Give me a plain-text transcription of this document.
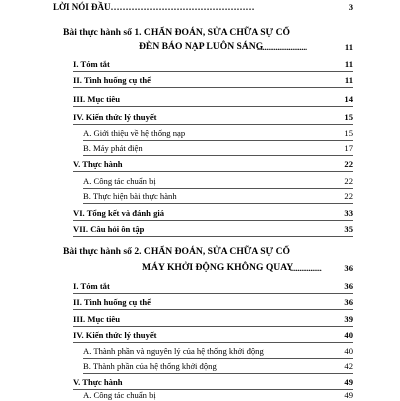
LỜI NÓI ĐẦU…………………………………………	3
Bài thực hành số 1. CHẨN ĐOÁN, SỬA CHỮA SỰ CỐ
ĐÈN BÁO NẠP LUÔN SÁNG
...........................	11
I. Tóm tắt	11
II. Tình huống cụ thể	11
III. Mục tiêu	14
IV. Kiến thức lý thuyết	15
A. Giới thiệu về hệ thống nạp	15
B. Máy phát điện	17
V. Thực hành	22
A. Công tác chuẩn bị	22
B. Thực hiện bài thực hành	22
VI. Tổng kết và đánh giá	33
VII. Câu hỏi ôn tập	35
Bài thực hành số 2. CHẨN ĐOÁN, SỬA CHỮA SỰ CỐ
MÁY KHỞI ĐỘNG KHÔNG QUAY
.................	36
I. Tóm tắt	36
II. Tình huống cụ thể	36
III. Mục tiêu	39
IV. Kiến thức lý thuyết	40
A. Thành phần và nguyên lý của hệ thống khởi động	40
B. Thành phần của hệ thống khởi động	42
V. Thực hành	49
A. Công tác chuẩn bị	49
